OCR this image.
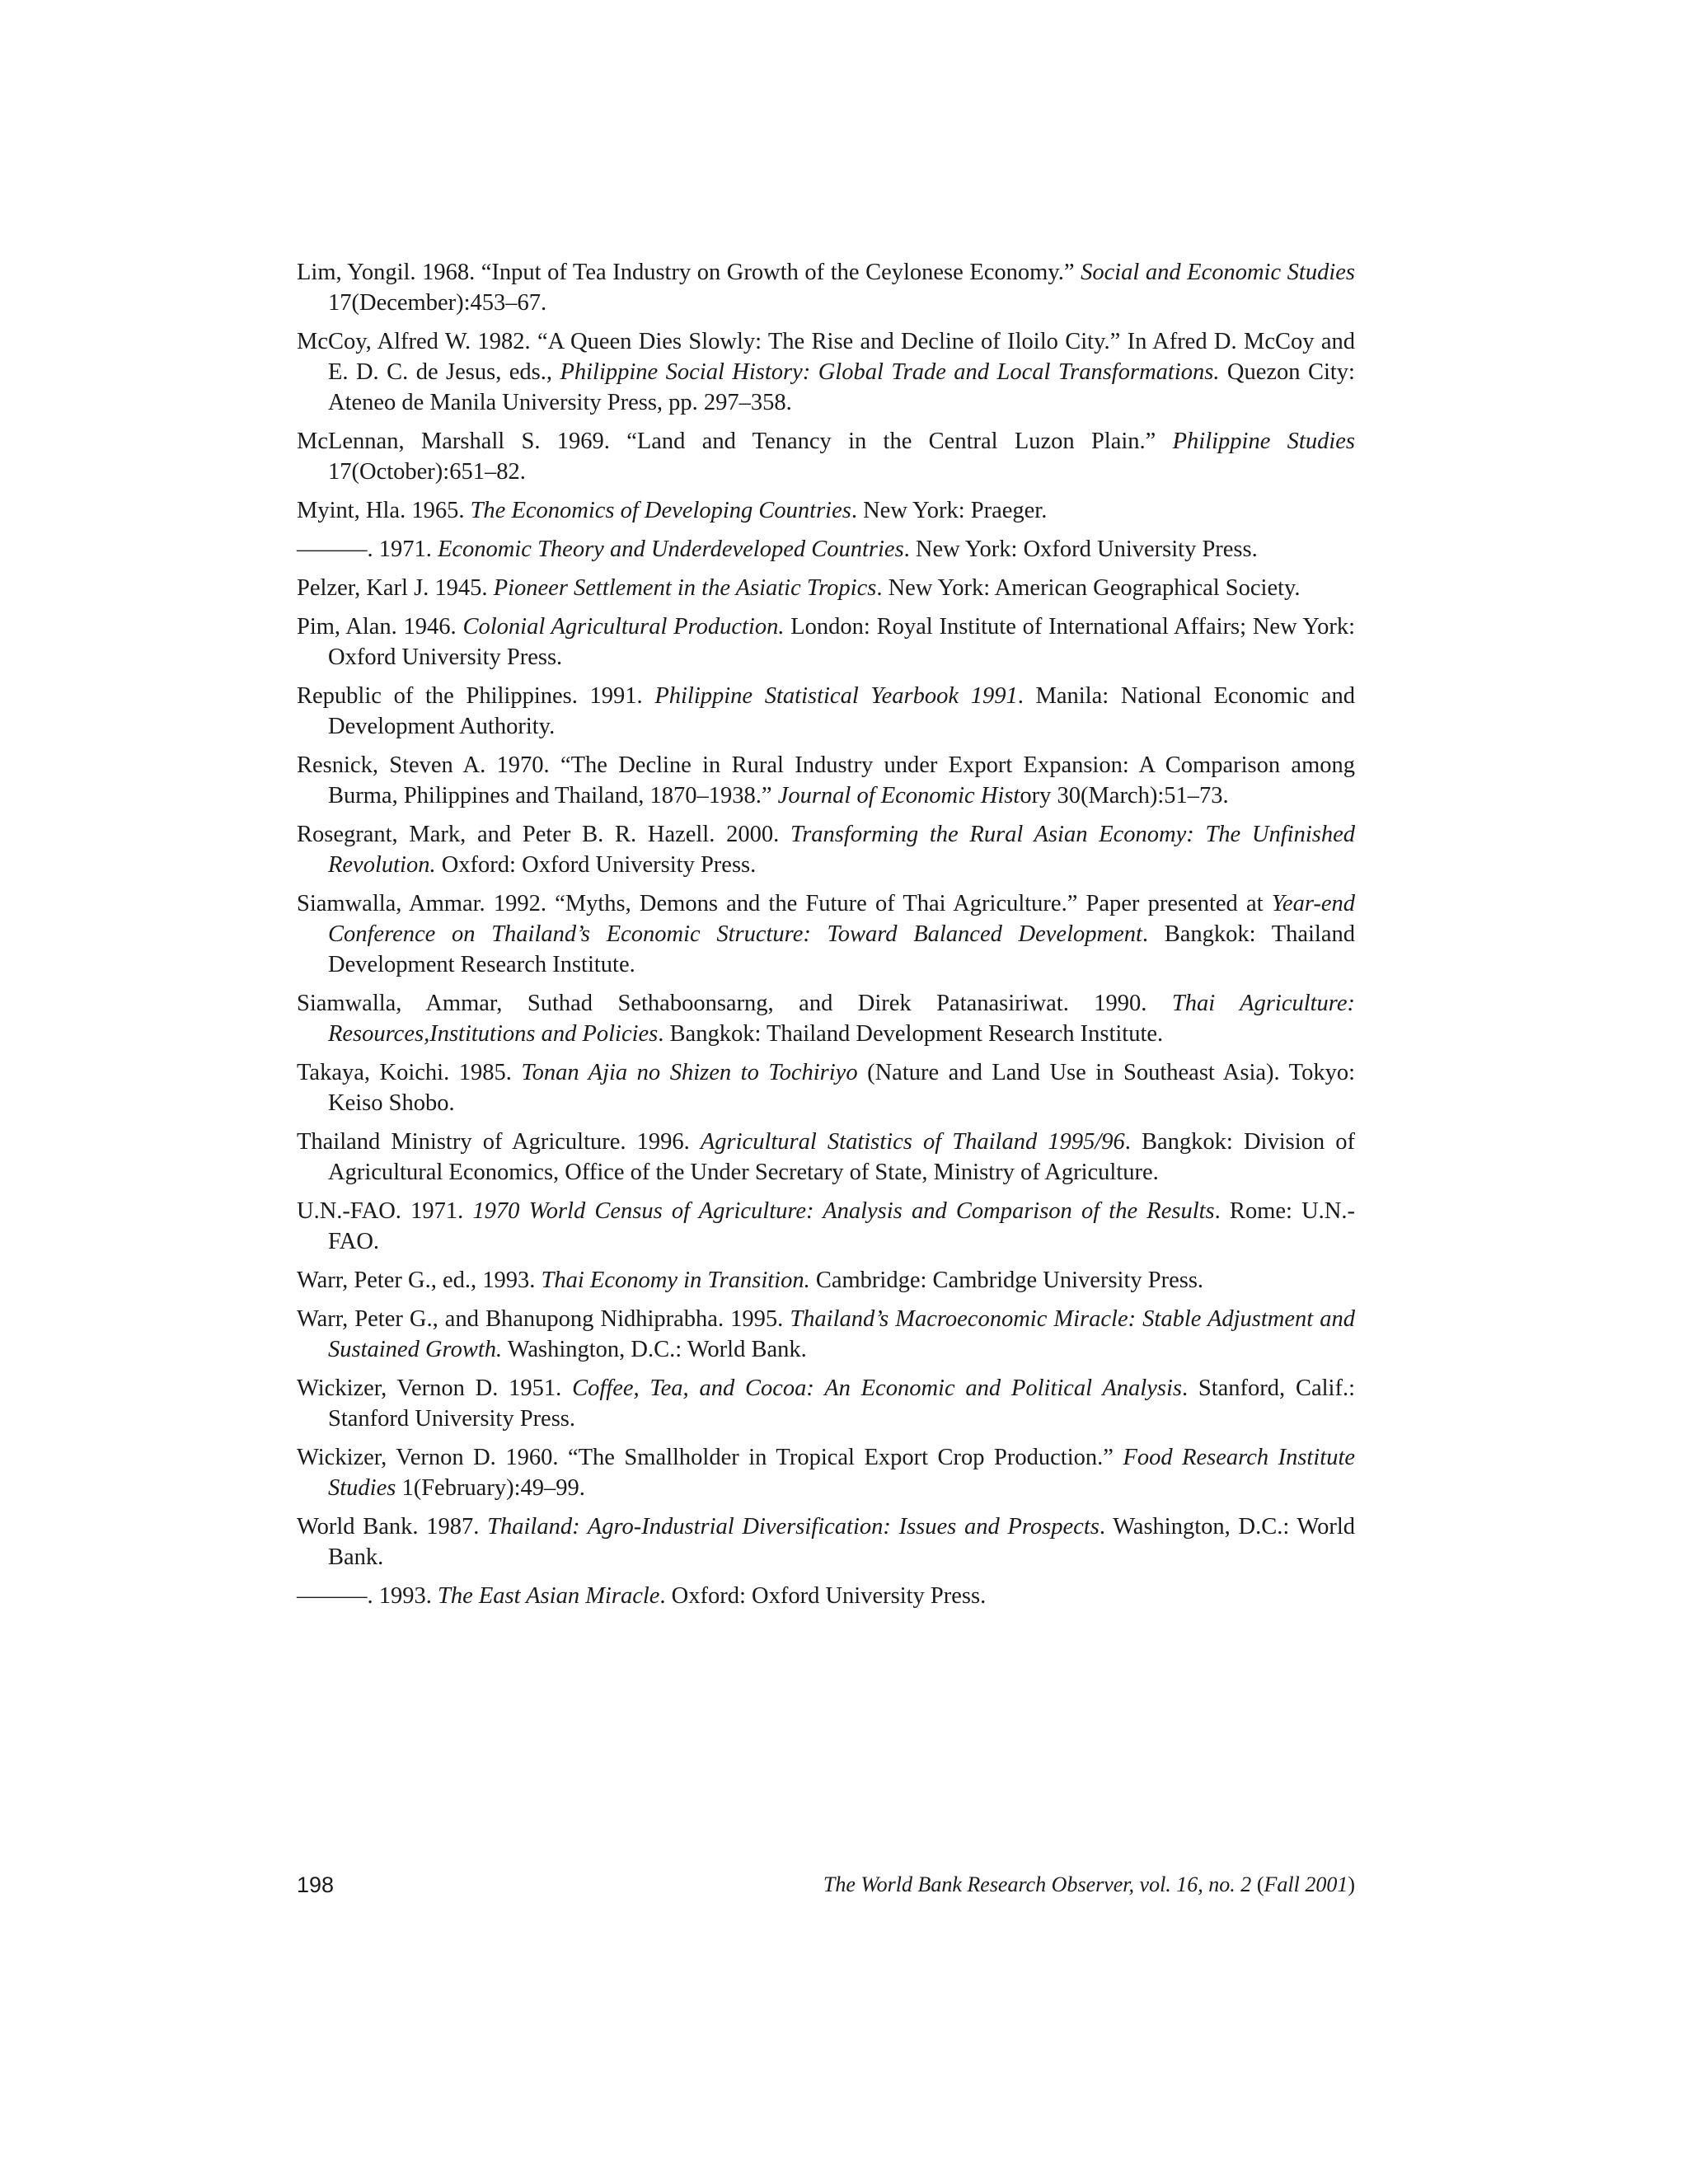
Lim, Yongil. 1968. “Input of Tea Industry on Growth of the Ceylonese Economy.” Social and Economic Studies 17(December):453–67.

McCoy, Alfred W. 1982. “A Queen Dies Slowly: The Rise and Decline of Iloilo City.” In Afred D. McCoy and E. D. C. de Jesus, eds., Philippine Social History: Global Trade and Local Transformations. Quezon City: Ateneo de Manila University Press, pp. 297–358.

McLennan, Marshall S. 1969. “Land and Tenancy in the Central Luzon Plain.” Philippine Studies 17(October):651–82.

Myint, Hla. 1965. The Economics of Developing Countries. New York: Praeger.

———. 1971. Economic Theory and Underdeveloped Countries. New York: Oxford University Press.

Pelzer, Karl J. 1945. Pioneer Settlement in the Asiatic Tropics. New York: American Geographical Society.

Pim, Alan. 1946. Colonial Agricultural Production. London: Royal Institute of International Affairs; New York: Oxford University Press.

Republic of the Philippines. 1991. Philippine Statistical Yearbook 1991. Manila: National Economic and Development Authority.

Resnick, Steven A. 1970. “The Decline in Rural Industry under Export Expansion: A Comparison among Burma, Philippines and Thailand, 1870–1938.” Journal of Economic History 30(March):51–73.

Rosegrant, Mark, and Peter B. R. Hazell. 2000. Transforming the Rural Asian Economy: The Unfinished Revolution. Oxford: Oxford University Press.

Siamwalla, Ammar. 1992. “Myths, Demons and the Future of Thai Agriculture.” Paper presented at Year-end Conference on Thailand’s Economic Structure: Toward Balanced Development. Bangkok: Thailand Development Research Institute.

Siamwalla, Ammar, Suthad Sethaboonsarng, and Direk Patanasiriwat. 1990. Thai Agriculture: Resources,Institutions and Policies. Bangkok: Thailand Development Research Institute.

Takaya, Koichi. 1985. Tonan Ajia no Shizen to Tochiriyo (Nature and Land Use in Southeast Asia). Tokyo: Keiso Shobo.

Thailand Ministry of Agriculture. 1996. Agricultural Statistics of Thailand 1995/96. Bangkok: Division of Agricultural Economics, Office of the Under Secretary of State, Ministry of Agriculture.

U.N.-FAO. 1971. 1970 World Census of Agriculture: Analysis and Comparison of the Results. Rome: U.N.-FAO.

Warr, Peter G., ed., 1993. Thai Economy in Transition. Cambridge: Cambridge University Press.

Warr, Peter G., and Bhanupong Nidhiprabha. 1995. Thailand’s Macroeconomic Miracle: Stable Adjustment and Sustained Growth. Washington, D.C.: World Bank.

Wickizer, Vernon D. 1951. Coffee, Tea, and Cocoa: An Economic and Political Analysis. Stanford, Calif.: Stanford University Press.

Wickizer, Vernon D. 1960. “The Smallholder in Tropical Export Crop Production.” Food Research Institute Studies 1(February):49–99.

World Bank. 1987. Thailand: Agro-Industrial Diversification: Issues and Prospects. Washington, D.C.: World Bank.

———. 1993. The East Asian Miracle. Oxford: Oxford University Press.

198	The World Bank Research Observer, vol. 16, no. 2 (Fall 2001)
